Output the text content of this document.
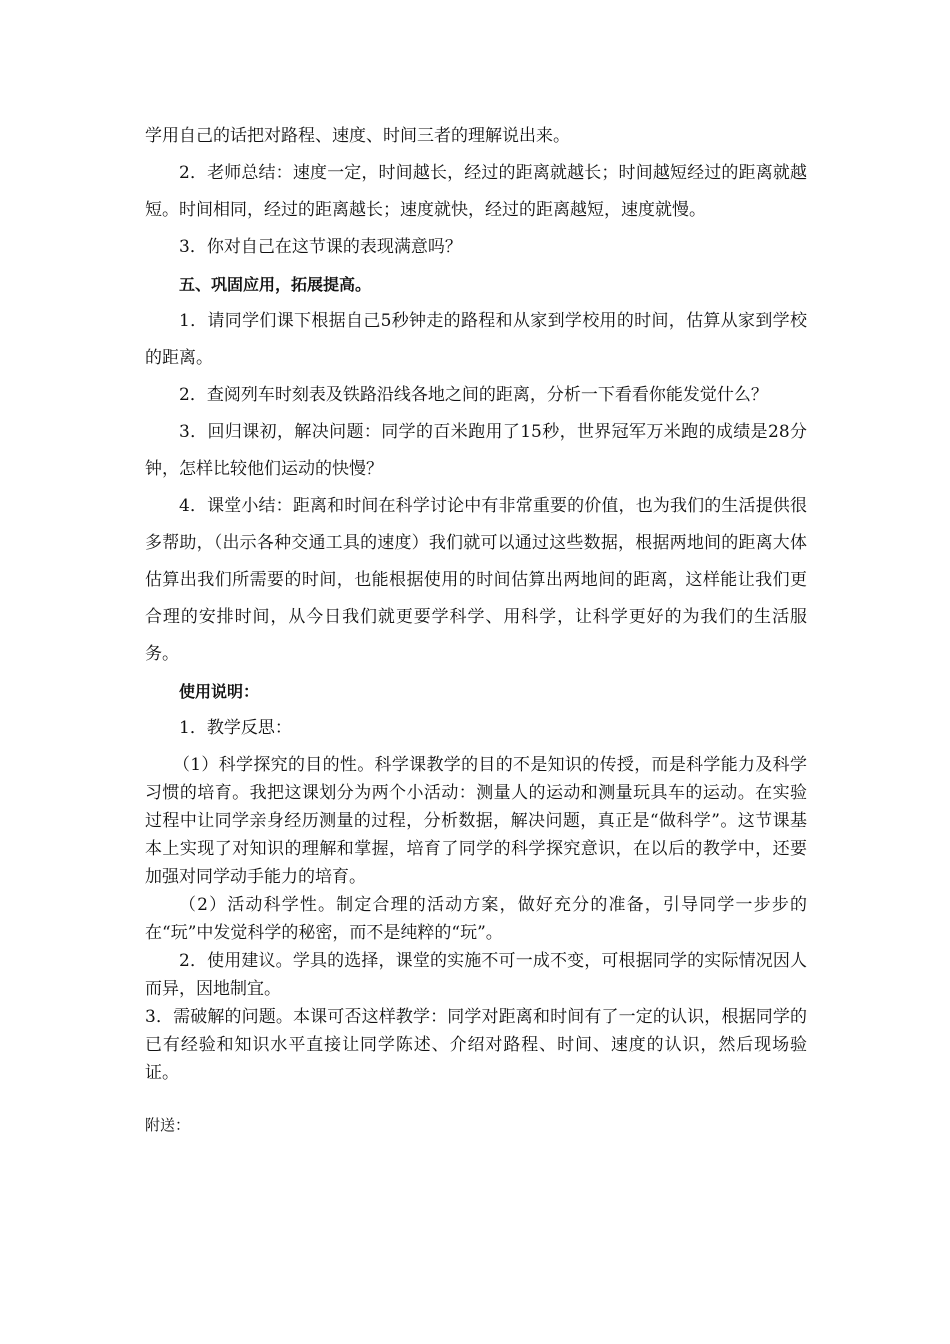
学用自己的话把对路程、速度、时间三者的理解说出来。

2．老师总结：速度一定，时间越长，经过的距离就越长；时间越短经过的距离就越短。时间相同，经过的距离越长；速度就快，经过的距离越短，速度就慢。

3．你对自己在这节课的表现满意吗？

五、巩固应用，拓展提高。

1．请同学们课下根据自己5秒钟走的路程和从家到学校用的时间，估算从家到学校的距离。

2．查阅列车时刻表及铁路沿线各地之间的距离，分析一下看看你能发觉什么？

3．回归课初，解决问题：同学的百米跑用了15秒，世界冠军万米跑的成绩是28分钟，怎样比较他们运动的快慢？

4．课堂小结：距离和时间在科学讨论中有非常重要的价值，也为我们的生活提供很多帮助，（出示各种交通工具的速度）我们就可以通过这些数据，根据两地间的距离大体估算出我们所需要的时间，也能根据使用的时间估算出两地间的距离，这样能让我们更合理的安排时间，从今日我们就更要学科学、用科学，让科学更好的为我们的生活服务。

使用说明：

1．教学反思：

（1）科学探究的目的性。科学课教学的目的不是知识的传授，而是科学能力及科学习惯的培育。我把这课划分为两个小活动：测量人的运动和测量玩具车的运动。在实验过程中让同学亲身经历测量的过程，分析数据，解决问题，真正是“做科学”。这节课基本上实现了对知识的理解和掌握，培育了同学的科学探究意识，在以后的教学中，还要加强对同学动手能力的培育。

（2）活动科学性。制定合理的活动方案，做好充分的准备，引导同学一步步的在“玩”中发觉科学的秘密，而不是纯粹的“玩”。

2．使用建议。学具的选择，课堂的实施不可一成不变，可根据同学的实际情况因人而异，因地制宜。

3．需破解的问题。本课可否这样教学：同学对距离和时间有了一定的认识，根据同学的已有经验和知识水平直接让同学陈述、介绍对路程、时间、速度的认识，然后现场验证。

附送：
